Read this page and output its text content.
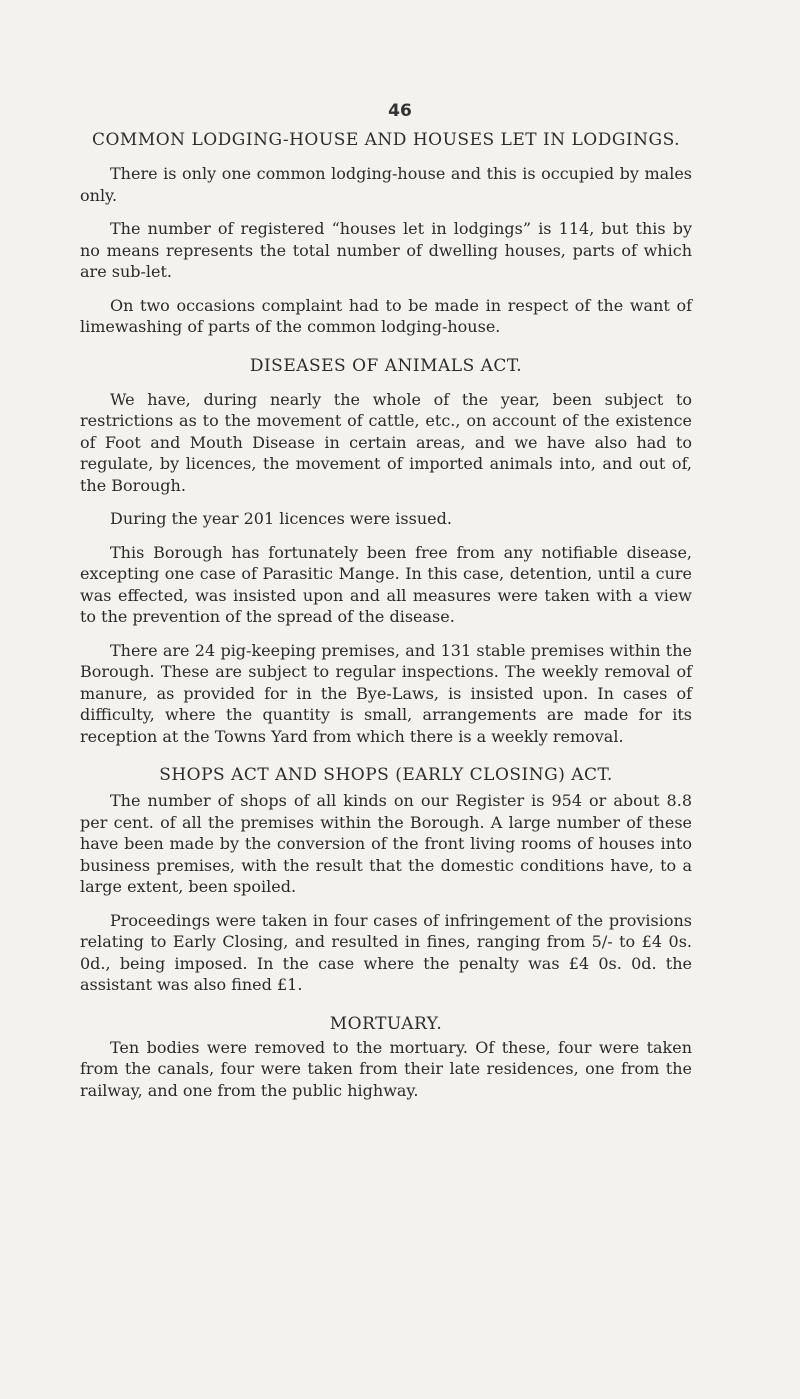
46
COMMON LODGING-HOUSE AND HOUSES LET IN LODGINGS.

There is only one common lodging-house and this is occupied by males only.

The number of registered “houses let in lodgings” is 114, but this by no means represents the total number of dwelling houses, parts of which are sub-let.

On two occasions complaint had to be made in respect of the want of limewashing of parts of the common lodging-house.

DISEASES OF ANIMALS ACT.

We have, during nearly the whole of the year, been subject to restrictions as to the movement of cattle, etc., on account of the existence of Foot and Mouth Disease in certain areas, and we have also had to regulate, by licences, the movement of imported animals into, and out of, the Borough.

During the year 201 licences were issued.

This Borough has fortunately been free from any notifiable disease, excepting one case of Parasitic Mange. In this case, detention, until a cure was effected, was insisted upon and all measures were taken with a view to the prevention of the spread of the disease.

There are 24 pig-keeping premises, and 131 stable premises within the Borough. These are subject to regular inspections. The weekly removal of manure, as provided for in the Bye-Laws, is insisted upon. In cases of difficulty, where the quantity is small, arrangements are made for its reception at the Towns Yard from which there is a weekly removal.

SHOPS ACT AND SHOPS (EARLY CLOSING) ACT.

The number of shops of all kinds on our Register is 954 or about 8.8 per cent. of all the premises within the Borough. A large number of these have been made by the conversion of the front living rooms of houses into business premises, with the result that the domestic conditions have, to a large extent, been spoiled.

Proceedings were taken in four cases of infringement of the provisions relating to Early Closing, and resulted in fines, ranging from 5/- to £4 0s. 0d., being imposed. In the case where the penalty was £4 0s. 0d. the assistant was also fined £1.

MORTUARY.

Ten bodies were removed to the mortuary. Of these, four were taken from the canals, four were taken from their late residences, one from the railway, and one from the public highway.
